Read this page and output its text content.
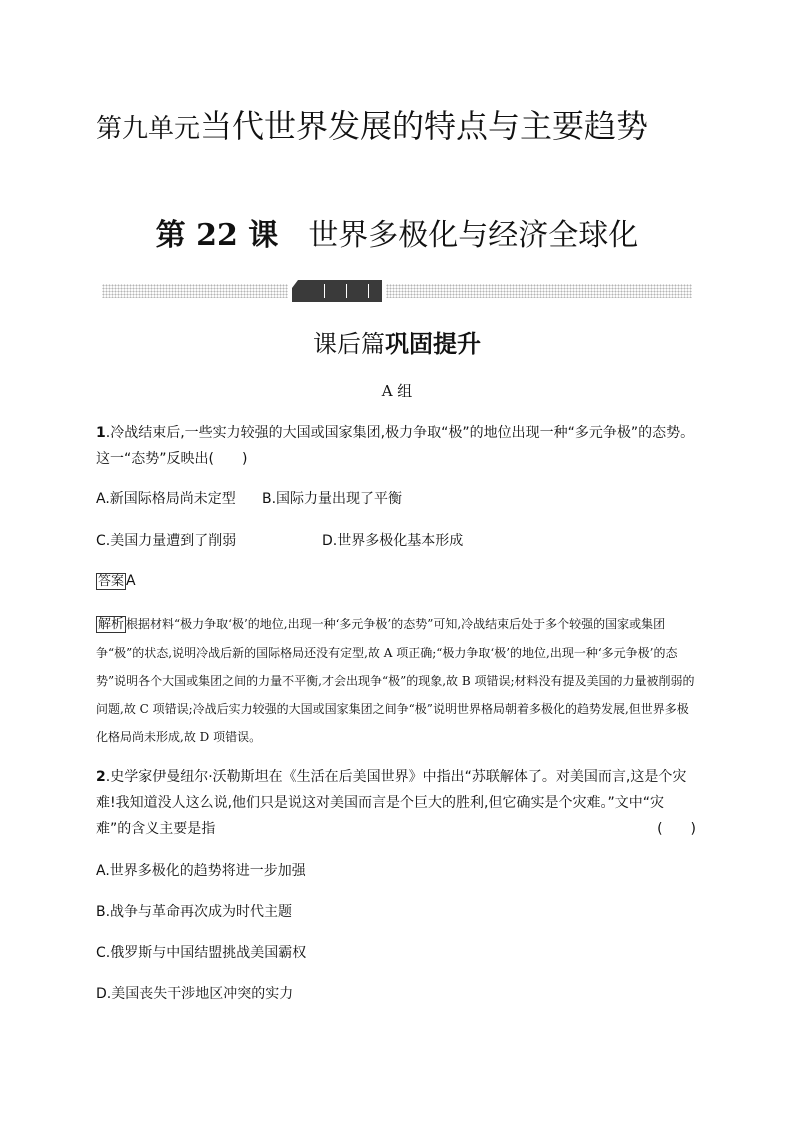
第九单元当代世界发展的特点与主要趋势
第 22 课 世界多极化与经济全球化
课后篇巩固提升
A 组
1.冷战结束后,一些实力较强的大国或国家集团,极力争取“极”的地位出现一种“多元争极”的态势。这一“态势”反映出(　　)
A.新国际格局尚未定型	B.国际力量出现了平衡
C.美国力量遭到了削弱	D.世界多极化基本形成
答案 A
解析 根据材料“极力争取‘极’的地位,出现一种‘多元争极’的态势”可知,冷战结束后处于多个较强的国家或集团争“极”的状态,说明冷战后新的国际格局还没有定型,故 A 项正确;“极力争取‘极’的地位,出现一种‘多元争极’的态势”说明各个大国或集团之间的力量不平衡,才会出现争“极”的现象,故 B 项错误;材料没有提及美国的力量被削弱的问题,故 C 项错误;冷战后实力较强的大国或国家集团之间争“极”说明世界格局朝着多极化的趋势发展,但世界多极化格局尚未形成,故 D 项错误。
2.史学家伊曼纽尔·沃勒斯坦在《生活在后美国世界》中指出“苏联解体了。对美国而言,这是个灾难!我知道没人这么说,他们只是说这对美国而言是个巨大的胜利,但它确实是个灾难。”文中“灾难”的含义主要是指	(　　)
A.世界多极化的趋势将进一步加强
B.战争与革命再次成为时代主题
C.俄罗斯与中国结盟挑战美国霸权
D.美国丧失干涉地区冲突的实力
